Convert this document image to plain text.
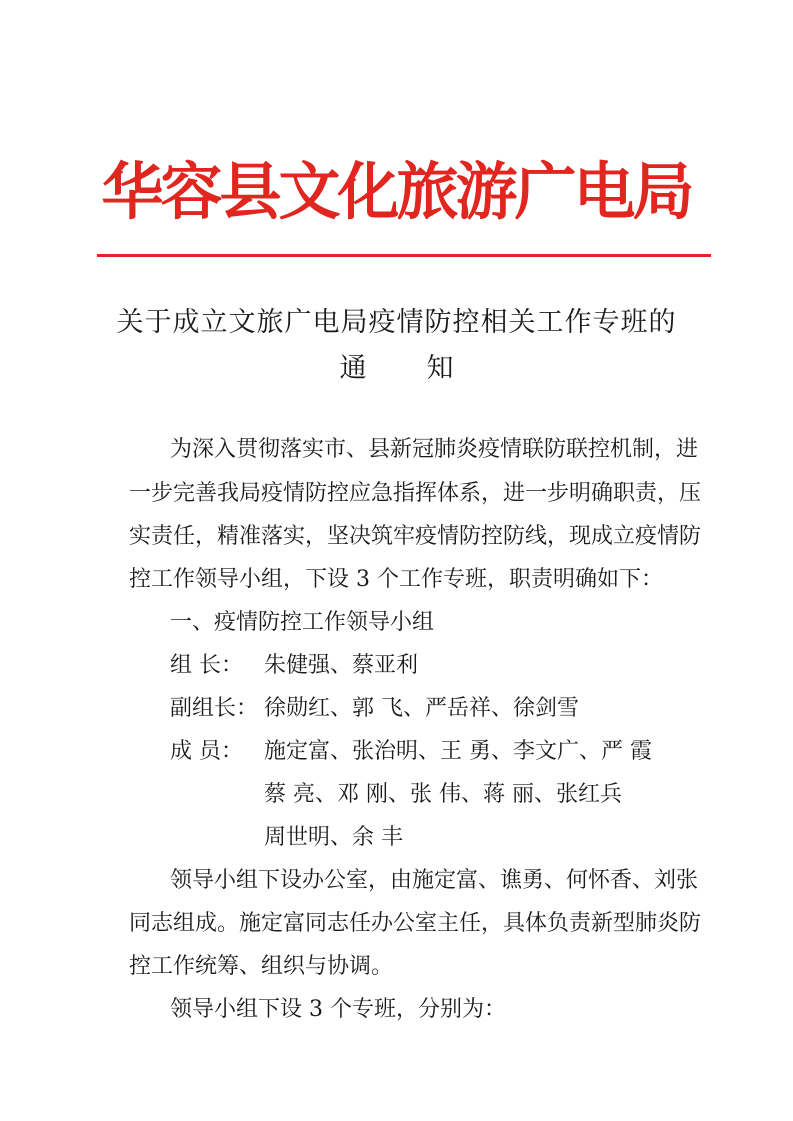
华容县文化旅游广电局
关于成立文旅广电局疫情防控相关工作专班的
通 知
为深入贯彻落实市、县新冠肺炎疫情联防联控机制，进
一步完善我局疫情防控应急指挥体系，进一步明确职责，压
实责任，精准落实，坚决筑牢疫情防控防线，现成立疫情防
控工作领导小组，下设 3 个工作专班，职责明确如下：
一、疫情防控工作领导小组
组 长： 朱健强、蔡亚利
副组长： 徐勋红、郭 飞、严岳祥、徐剑雪
成 员： 施定富、张治明、王 勇、李文广、严 霞
蔡 亮、邓 刚、张 伟、蒋 丽、张红兵
周世明、余 丰
领导小组下设办公室，由施定富、谯勇、何怀香、刘张
同志组成。施定富同志任办公室主任，具体负责新型肺炎防
控工作统筹、组织与协调。
领导小组下设 3 个专班，分别为：
